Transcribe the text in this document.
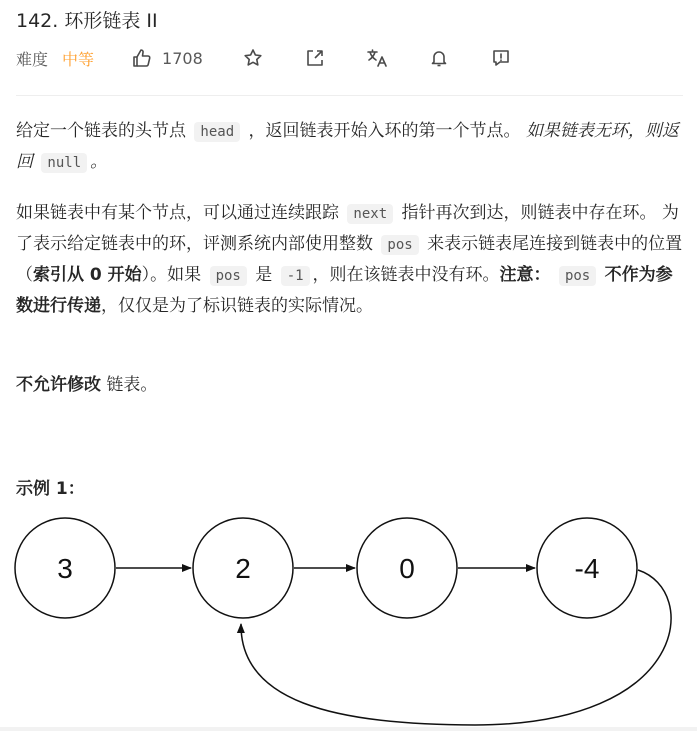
142. 环形链表 II
难度 中等	1708
给定一个链表的头节点 head ，返回链表开始入环的第一个节点。 如果链表无环，则返回 null 。
如果链表中有某个节点，可以通过连续跟踪 next 指针再次到达，则链表中存在环。 为了表示给定链表中的环，评测系统内部使用整数 pos 来表示链表尾连接到链表中的位置（索引从 0 开始）。如果 pos 是 -1 ，则在该链表中没有环。注意： pos 不作为参数进行传递，仅仅是为了标识链表的实际情况。
不允许修改 链表。
示例 1：
3	2	0	-4
